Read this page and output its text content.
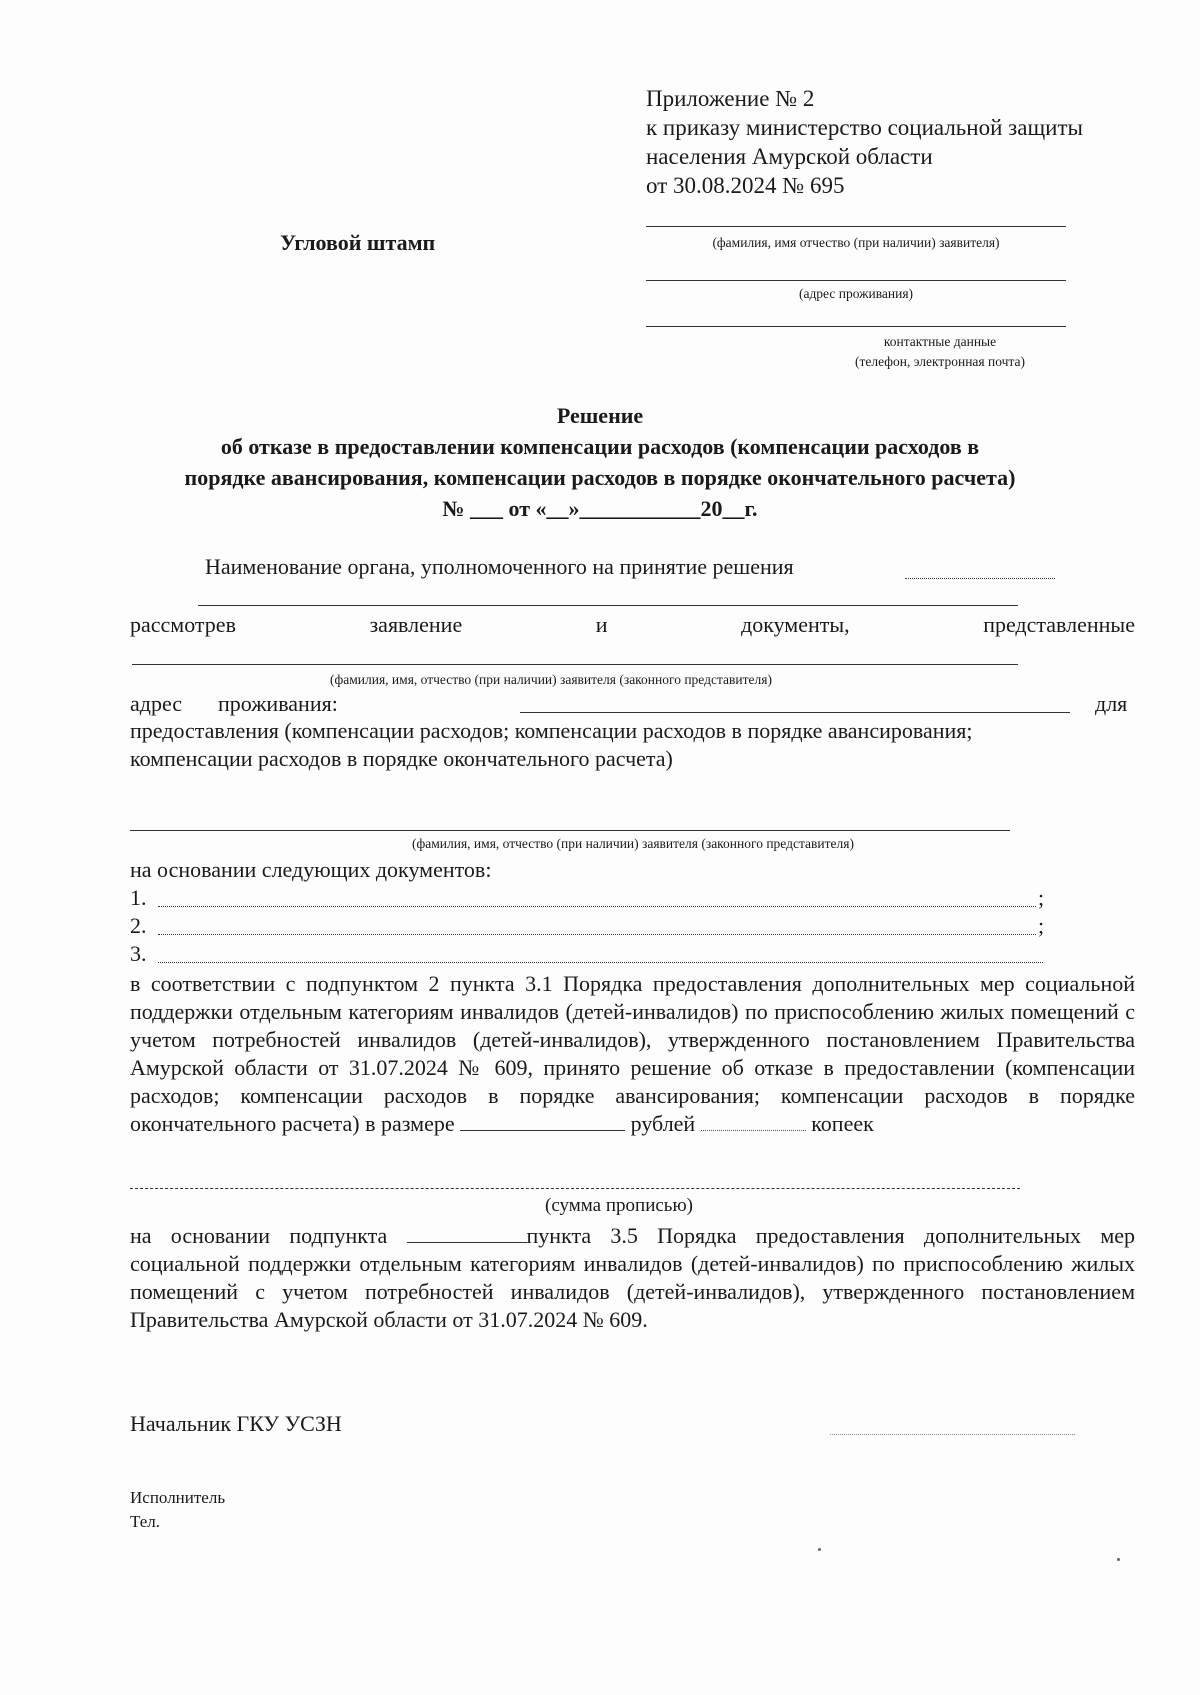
Приложение № 2
к приказу министерство социальной защиты
населения Амурской области
от 30.08.2024 № 695
Угловой штамп	(фамилия, имя отчество (при наличии) заявителя)
(адрес проживания)
контактные данные
(телефон, электронная почта)
Решение
об отказе в предоставлении компенсации расходов (компенсации расходов в
порядке авансирования, компенсации расходов в порядке окончательного расчета)
№ ___ от «__»___________20__г.
Наименование органа, уполномоченного на принятие решения
рассмотрев	заявление	и	документы,	представленные
(фамилия, имя, отчество (при наличии) заявителя (законного представителя)
адрес проживания:	для
предоставления (компенсации расходов; компенсации расходов в порядке авансирования;
компенсации расходов в порядке окончательного расчета)
(фамилия, имя, отчество (при наличии) заявителя (законного представителя)
на основании следующих документов:
1.	;
2.	;
3.
в соответствии с подпунктом 2 пункта 3.1 Порядка предоставления дополнительных мер социальной поддержки отдельным категориям инвалидов (детей-инвалидов) по приспособлению жилых помещений с учетом потребностей инвалидов (детей-инвалидов), утвержденного постановлением Правительства Амурской области от 31.07.2024 № 609, принято решение об отказе в предоставлении (компенсации расходов; компенсации расходов в порядке авансирования; компенсации расходов в порядке окончательного расчета) в размере	рублей	копеек
(сумма прописью)
на основании подпункта	пункта 3.5 Порядка предоставления дополнительных мер социальной поддержки отдельным категориям инвалидов (детей-инвалидов) по приспособлению жилых помещений с учетом потребностей инвалидов (детей-инвалидов), утвержденного постановлением Правительства Амурской области от 31.07.2024 № 609.
Начальник ГКУ УСЗН
Исполнитель
Тел.
